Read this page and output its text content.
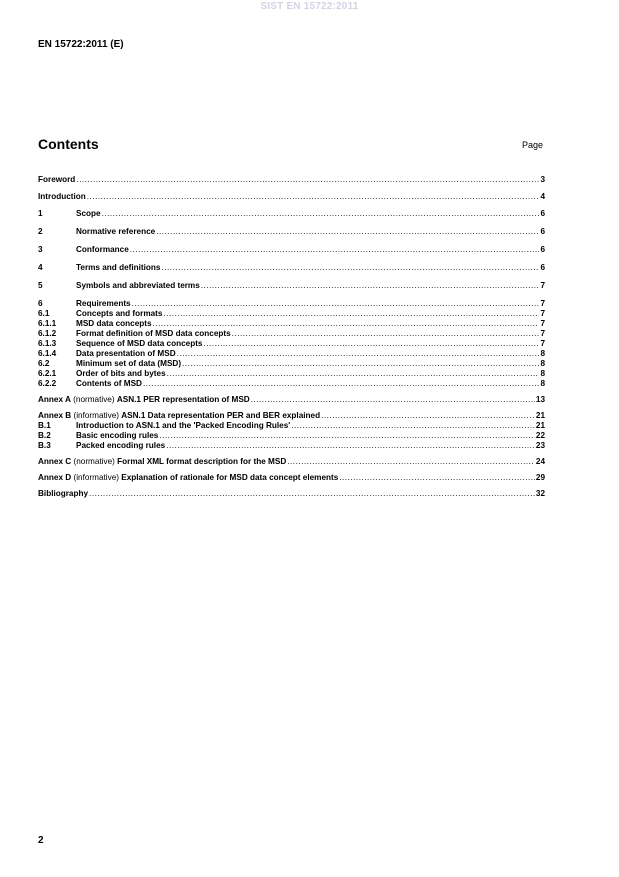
SIST EN 15722:2011
EN 15722:2011 (E)
Contents	Page
Foreword .....	3
Introduction .....	4
1	Scope .....	6
2	Normative reference .....	6
3	Conformance .....	6
4	Terms and definitions .....	6
5	Symbols and abbreviated terms .....	7
6	Requirements .....	7
6.1	Concepts and formats .....	7
6.1.1	MSD data concepts .....	7
6.1.2	Format definition of MSD data concepts .....	7
6.1.3	Sequence of MSD data concepts .....	7
6.1.4	Data presentation of MSD .....	8
6.2	Minimum set of data (MSD) .....	8
6.2.1	Order of bits and bytes .....	8
6.2.2	Contents of MSD .....	8
Annex A (normative) ASN.1 PER representation of MSD .....	13
Annex B (informative) ASN.1 Data representation PER and BER explained .....	21
B.1	Introduction to ASN.1 and the 'Packed Encoding Rules' .....	21
B.2	Basic encoding rules .....	22
B.3	Packed encoding rules .....	23
Annex C (normative) Formal XML format description for the MSD .....	24
Annex D (informative) Explanation of rationale for MSD data concept elements .....	29
Bibliography .....	32
2
